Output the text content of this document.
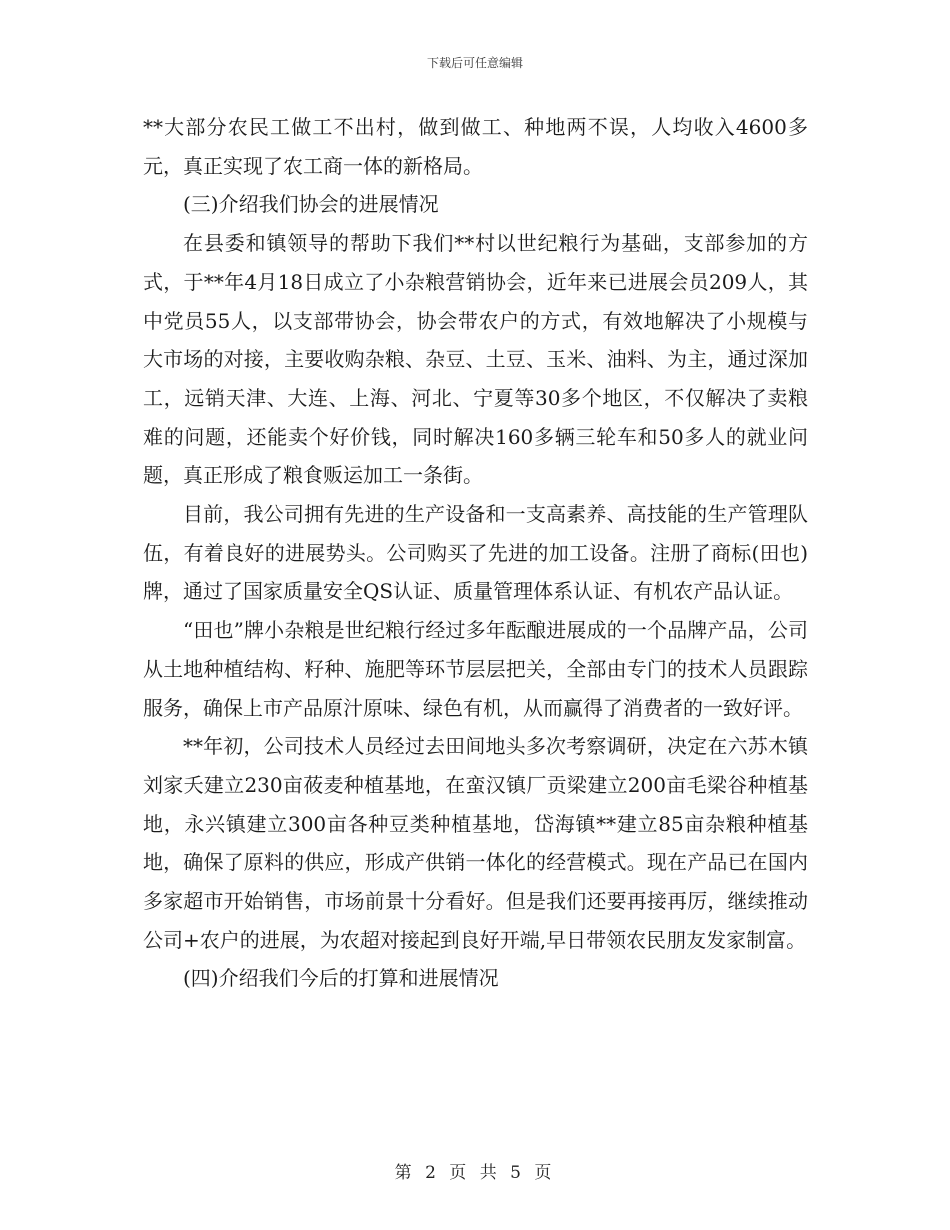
下载后可任意编辑

**大部分农民工做工不出村，做到做工、种地两不误，人均收入4600多元，真正实现了农工商一体的新格局。

(三)介绍我们协会的进展情况

在县委和镇领导的帮助下我们**村以世纪粮行为基础，支部参加的方式，于**年4月18日成立了小杂粮营销协会，近年来已进展会员209人，其中党员55人，以支部带协会，协会带农户的方式，有效地解决了小规模与大市场的对接，主要收购杂粮、杂豆、土豆、玉米、油料、为主，通过深加工，远销天津、大连、上海、河北、宁夏等30多个地区，不仅解决了卖粮难的问题，还能卖个好价钱，同时解决160多辆三轮车和50多人的就业问题，真正形成了粮食贩运加工一条街。

目前，我公司拥有先进的生产设备和一支高素养、高技能的生产管理队伍，有着良好的进展势头。公司购买了先进的加工设备。注册了商标(田也)牌，通过了国家质量安全QS认证、质量管理体系认证、有机农产品认证。

“田也”牌小杂粮是世纪粮行经过多年酝酿进展成的一个品牌产品，公司从土地种植结构、籽种、施肥等环节层层把关，全部由专门的技术人员跟踪服务，确保上市产品原汁原味、绿色有机，从而赢得了消费者的一致好评。

**年初，公司技术人员经过去田间地头多次考察调研，决定在六苏木镇刘家夭建立230亩莜麦种植基地，在蛮汉镇厂贡梁建立200亩毛梁谷种植基地，永兴镇建立300亩各种豆类种植基地，岱海镇**建立85亩杂粮种植基地，确保了原料的供应，形成产供销一体化的经营模式。现在产品已在国内多家超市开始销售，市场前景十分看好。但是我们还要再接再厉，继续推动公司+农户的进展，为农超对接起到良好开端,早日带领农民朋友发家制富。

(四)介绍我们今后的打算和进展情况

第 2 页 共 5 页
